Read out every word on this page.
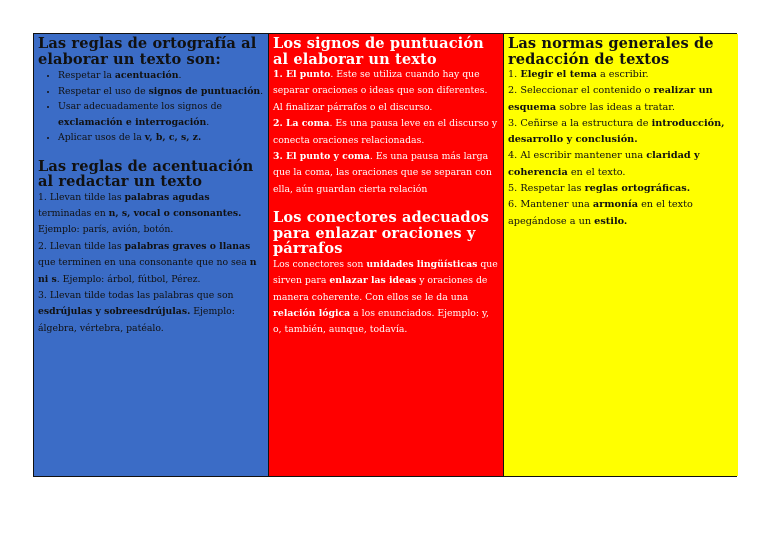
Las reglas de ortografía al elaborar un texto son:
• Respetar la acentuación.
• Respetar el uso de signos de puntuación.
• Usar adecuadamente los signos de exclamación e interrogación.
• Aplicar usos de la v, b, c, s, z.
Las reglas de acentuación al redactar un texto

1. Llevan tilde las palabras agudas terminadas en n, s, vocal o consonantes. Ejemplo: parís, avión, botón.

2. Llevan tilde las palabras graves o llanas que terminen en una consonante que no sea n ni s. Ejemplo: árbol, fútbol, Pérez.

3. Llevan tilde todas las palabras que son esdrújulas y sobreesdrújulas. Ejemplo: álgebra, vértebra, patéalo.

Los signos de puntuación al elaborar un texto

1. El punto. Este se utiliza cuando hay que separar oraciones o ideas que son diferentes. Al finalizar párrafos o el discurso.

2. La coma. Es una pausa leve en el discurso y conecta oraciones relacionadas.

3. El punto y coma. Es una pausa más larga que la coma, las oraciones que se separan con ella, aún guardan cierta relación

Los conectores adecuados para enlazar oraciones y párrafos

Los conectores son unidades lingüísticas que sirven para enlazar las ideas y oraciones de manera coherente. Con ellos se le da una relación lógica a los enunciados. Ejemplo: y, o, también, aunque, todavía.

Las normas generales de redacción de textos

1. Elegir el tema a escribir.

2. Seleccionar el contenido o realizar un esquema sobre las ideas a tratar.

3. Ceñirse a la estructura de introducción, desarrollo y conclusión.

4. Al escribir mantener una claridad y coherencia en el texto.

5. Respetar las reglas ortográficas.

6. Mantener una armonía en el texto apegándose a un estilo.
